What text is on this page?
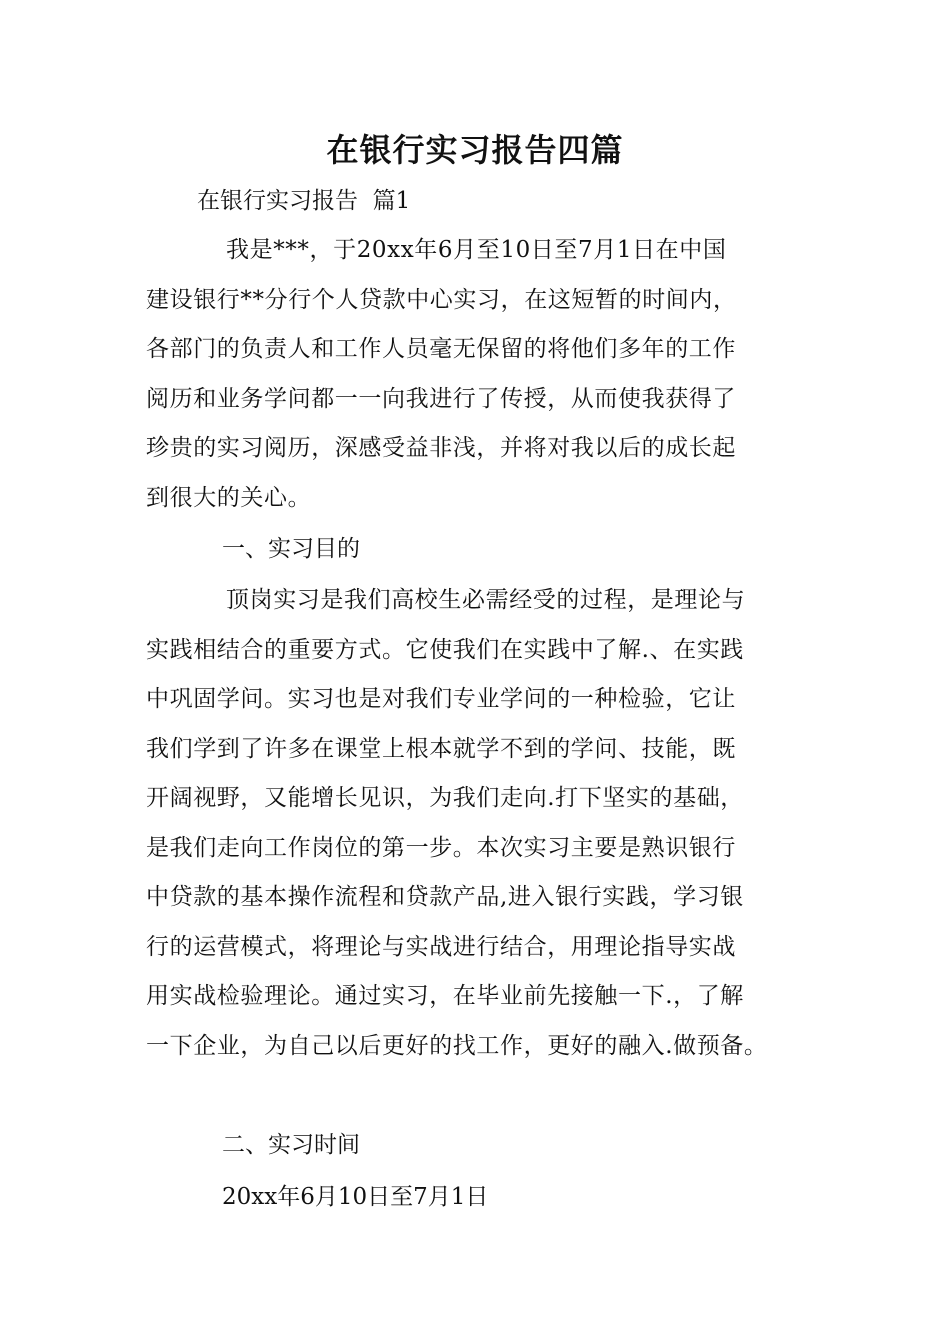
在银行实习报告四篇
在银行实习报告  篇1
我是***，于20xx年6月至10日至7月1日在中国
建设银行**分行个人贷款中心实习，在这短暂的时间内，
各部门的负责人和工作人员毫无保留的将他们多年的工作
阅历和业务学问都一一向我进行了传授，从而使我获得了
珍贵的实习阅历，深感受益非浅，并将对我以后的成长起
到很大的关心。
一、实习目的
顶岗实习是我们高校生必需经受的过程，是理论与
实践相结合的重要方式。它使我们在实践中了解.、在实践
中巩固学问。实习也是对我们专业学问的一种检验，它让
我们学到了许多在课堂上根本就学不到的学问、技能，既
开阔视野，又能增长见识，为我们走向.打下坚实的基础，
是我们走向工作岗位的第一步。本次实习主要是熟识银行
中贷款的基本操作流程和贷款产品,进入银行实践，学习银
行的运营模式，将理论与实战进行结合，用理论指导实战
用实战检验理论。通过实习，在毕业前先接触一下.，了解
一下企业，为自己以后更好的找工作，更好的融入.做预备。
二、实习时间
20xx年6月10日至7月1日
